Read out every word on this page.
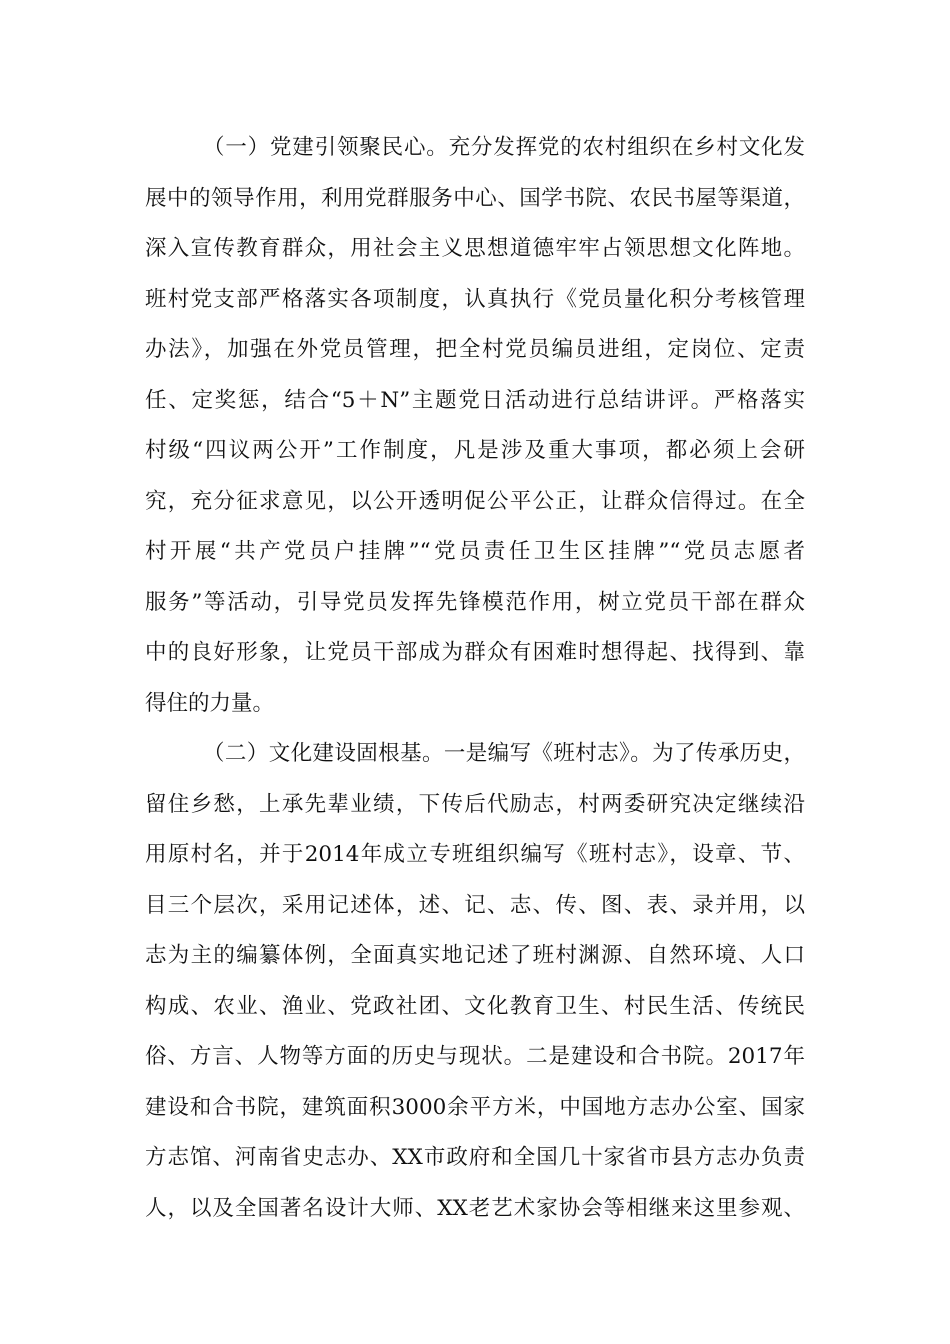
（一）党建引领聚民心。充分发挥党的农村组织在乡村文化发
展中的领导作用，利用党群服务中心、国学书院、农民书屋等渠道，
深入宣传教育群众，用社会主义思想道德牢牢占领思想文化阵地。
班村党支部严格落实各项制度，认真执行《党员量化积分考核管理
办法》，加强在外党员管理，把全村党员编员进组，定岗位、定责
任、定奖惩，结合“5＋N”主题党日活动进行总结讲评。严格落实
村级“四议两公开”工作制度，凡是涉及重大事项，都必须上会研
究，充分征求意见，以公开透明促公平公正，让群众信得过。在全
村开展“共产党员户挂牌”“党员责任卫生区挂牌”“党员志愿者
服务”等活动，引导党员发挥先锋模范作用，树立党员干部在群众
中的良好形象，让党员干部成为群众有困难时想得起、找得到、靠
得住的力量。
（二）文化建设固根基。一是编写《班村志》。为了传承历史，
留住乡愁，上承先辈业绩，下传后代励志，村两委研究决定继续沿
用原村名，并于2014年成立专班组织编写《班村志》，设章、节、
目三个层次，采用记述体，述、记、志、传、图、表、录并用，以
志为主的编纂体例，全面真实地记述了班村渊源、自然环境、人口
构成、农业、渔业、党政社团、文化教育卫生、村民生活、传统民
俗、方言、人物等方面的历史与现状。二是建设和合书院。2017年
建设和合书院，建筑面积3000余平方米，中国地方志办公室、国家
方志馆、河南省史志办、XX市政府和全国几十家省市县方志办负责
人，以及全国著名设计大师、XX老艺术家协会等相继来这里参观、
